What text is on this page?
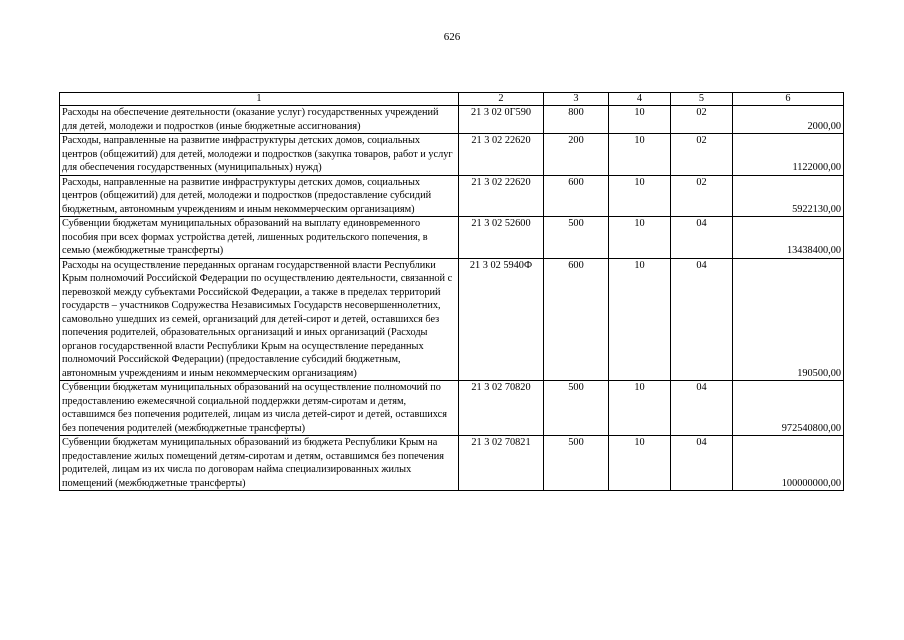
626
1	2	3	4	5	6
Расходы на обеспечение деятельности (оказание услуг) государственных учреждений для детей, молодежи и подростков (иные бюджетные ассигнования)	21 3 02 0Г590	800	10	02	2000,00
Расходы, направленные на развитие инфраструктуры детских домов, социальных центров (общежитий) для детей, молодежи и подростков (закупка товаров, работ и услуг для обеспечения государственных (муниципальных) нужд)	21 3 02 22620	200	10	02	1122000,00
Расходы, направленные на развитие инфраструктуры детских домов, социальных центров (общежитий) для детей, молодежи и подростков (предоставление субсидий бюджетным, автономным учреждениям и иным некоммерческим организациям)	21 3 02 22620	600	10	02	5922130,00
Субвенции бюджетам муниципальных образований на выплату единовременного пособия при всех формах устройства детей, лишенных родительского попечения, в семью (межбюджетные трансферты)	21 3 02 52600	500	10	04	13438400,00
Расходы на осуществление переданных органам государственной власти Республики Крым полномочий Российской Федерации по осуществлению деятельности, связанной с перевозкой между субъектами Российской Федерации, а также в пределах территорий государств – участников Содружества Независимых Государств несовершеннолетних, самовольно ушедших из семей, организаций для детей-сирот и детей, оставшихся без попечения родителей, образовательных организаций и иных организаций (Расходы органов государственной власти Республики Крым на осуществление переданных полномочий Российской Федерации) (предоставление субсидий бюджетным, автономным учреждениям и иным некоммерческим организациям)	21 3 02 5940Ф	600	10	04	190500,00
Субвенции бюджетам муниципальных образований на осуществление полномочий по предоставлению ежемесячной социальной поддержки детям-сиротам и детям, оставшимся без попечения родителей, лицам из числа детей-сирот и детей, оставшихся без попечения родителей (межбюджетные трансферты)	21 3 02 70820	500	10	04	972540800,00
Субвенции бюджетам муниципальных образований из бюджета Республики Крым на предоставление жилых помещений детям-сиротам и детям, оставшимся без попечения родителей, лицам из их числа по договорам найма специализированных жилых помещений (межбюджетные трансферты)	21 3 02 70821	500	10	04	100000000,00
